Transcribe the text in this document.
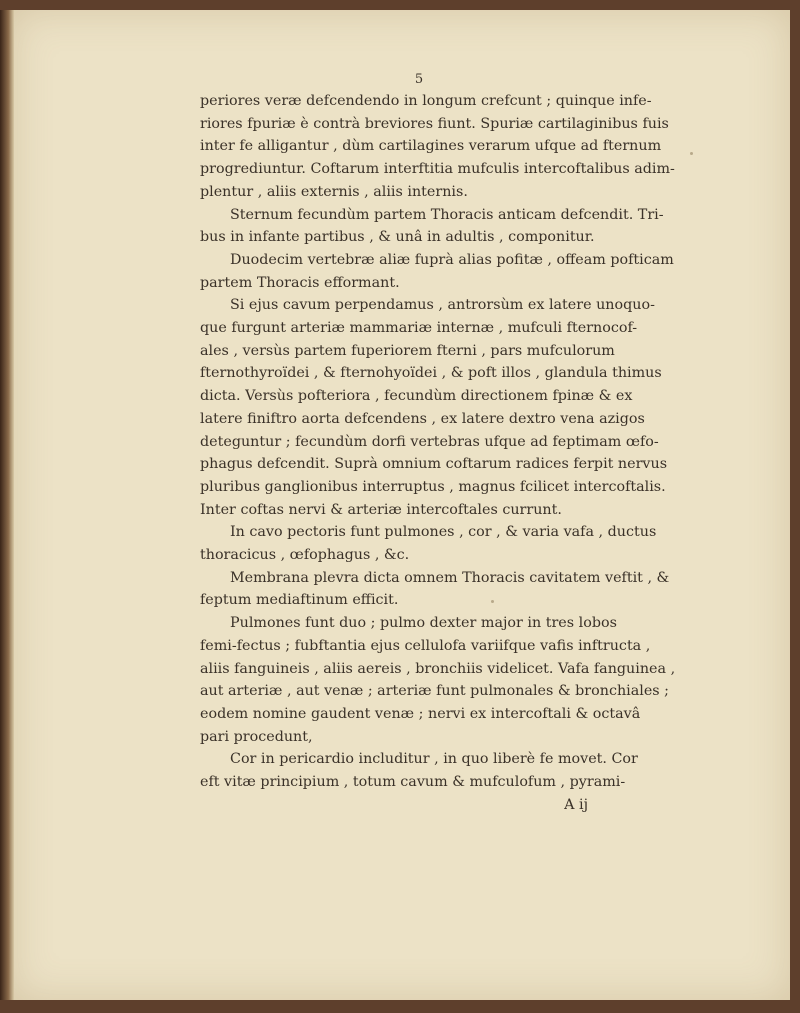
5
periores veræ defcendendo in longum crefcunt ; quinque infe-
riores fpuriæ è contrà breviores fiunt. Spuriæ cartilaginibus fuis
inter fe alligantur , dùm cartilagines verarum ufque ad fternum
progrediuntur. Coftarum interftitia mufculis intercoftalibus adim-
plentur , aliis externis , aliis internis.
Sternum fecundùm partem Thoracis anticam defcendit. Tri-
bus in infante partibus , & unâ in adultis , componitur.
Duodecim vertebræ aliæ fuprà alias pofitæ , offeam pofticam
partem Thoracis efformant.
Si ejus cavum perpendamus , antrorsùm ex latere unoquo-
que furgunt arteriæ mammariæ internæ , mufculi fternocof-
ales , versùs partem fuperiorem fterni , pars mufculorum
fternothyroïdei , & fternohyoïdei , & poft illos , glandula thimus
dicta. Versùs pofteriora , fecundùm directionem fpinæ & ex
latere finiftro aorta defcendens , ex latere dextro vena azigos
deteguntur ; fecundùm dorfi vertebras ufque ad feptimam œfo-
phagus defcendit. Suprà omnium coftarum radices ferpit nervus
pluribus ganglionibus interruptus , magnus fcilicet intercoftalis.
Inter coftas nervi & arteriæ intercoftales currunt.
In cavo pectoris funt pulmones , cor , & varia vafa , ductus
thoracicus , œfophagus , &c.
Membrana plevra dicta omnem Thoracis cavitatem veftit , &
feptum mediaftinum efficit.
Pulmones funt duo ; pulmo dexter major in tres lobos
femi-fectus ; fubftantia ejus cellulofa variifque vafis inftructa ,
aliis fanguineis , aliis aereis , bronchiis videlicet. Vafa fanguinea ,
aut arteriæ , aut venæ ; arteriæ funt pulmonales & bronchiales ;
eodem nomine gaudent venæ ; nervi ex intercoftali & octavâ
pari procedunt,
Cor in pericardio includitur , in quo liberè fe movet. Cor
eft vitæ principium , totum cavum & mufculofum , pyrami-
A ij
